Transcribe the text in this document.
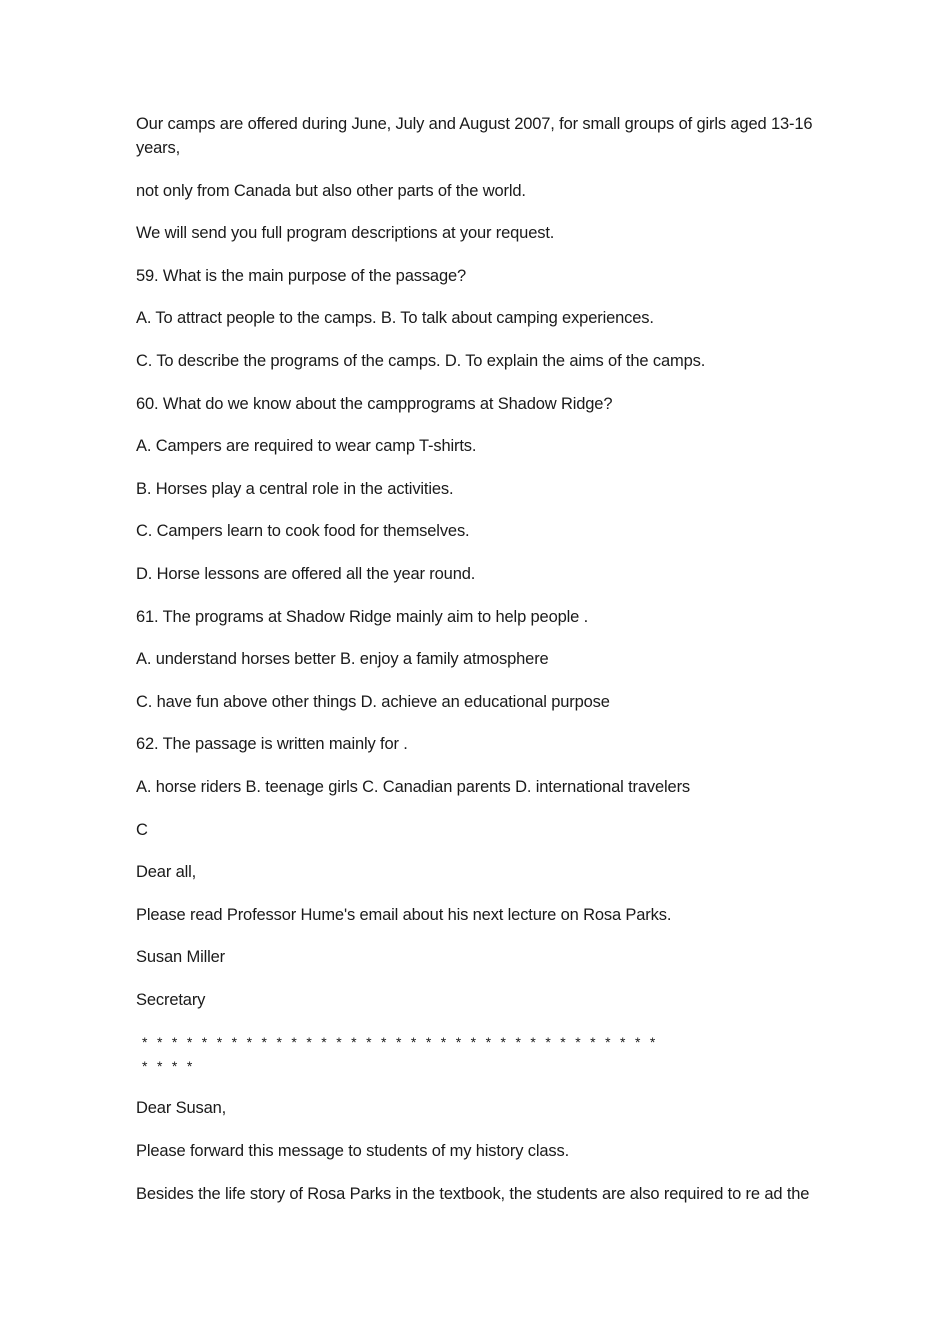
Our camps are offered during June, July and August 2007, for small groups of girls aged 13-16 years,

not only from Canada but also other parts of the world.

We will send you full program descriptions at your request.

59. What is the main purpose of the passage?

A. To attract people to the camps. B. To talk about camping experiences.

C. To describe the programs of the camps. D. To explain the aims of the camps.

60. What do we know about the campprograms at Shadow Ridge?

A. Campers are required to wear camp T-shirts.

B. Horses play a central role in the activities.

C. Campers learn to cook food for themselves.

D. Horse lessons are offered all the year round.

61. The programs at Shadow Ridge mainly aim to help people .

A. understand horses better B. enjoy a family atmosphere

C. have fun above other things D. achieve an educational purpose

62. The passage is written mainly for .

A. horse riders B. teenage girls C. Canadian parents D. international travelers

C

Dear all,

Please read Professor Hume's email about his next lecture on Rosa Parks.

Susan Miller

Secretary

* * * * * * * * * * * * * * * * * * * * * * * * * * * * * * * * * * *
* * * *

Dear Susan,

Please forward this message to students of my history class.

Besides the life story of Rosa Parks in the textbook, the students are also required to re ad the
